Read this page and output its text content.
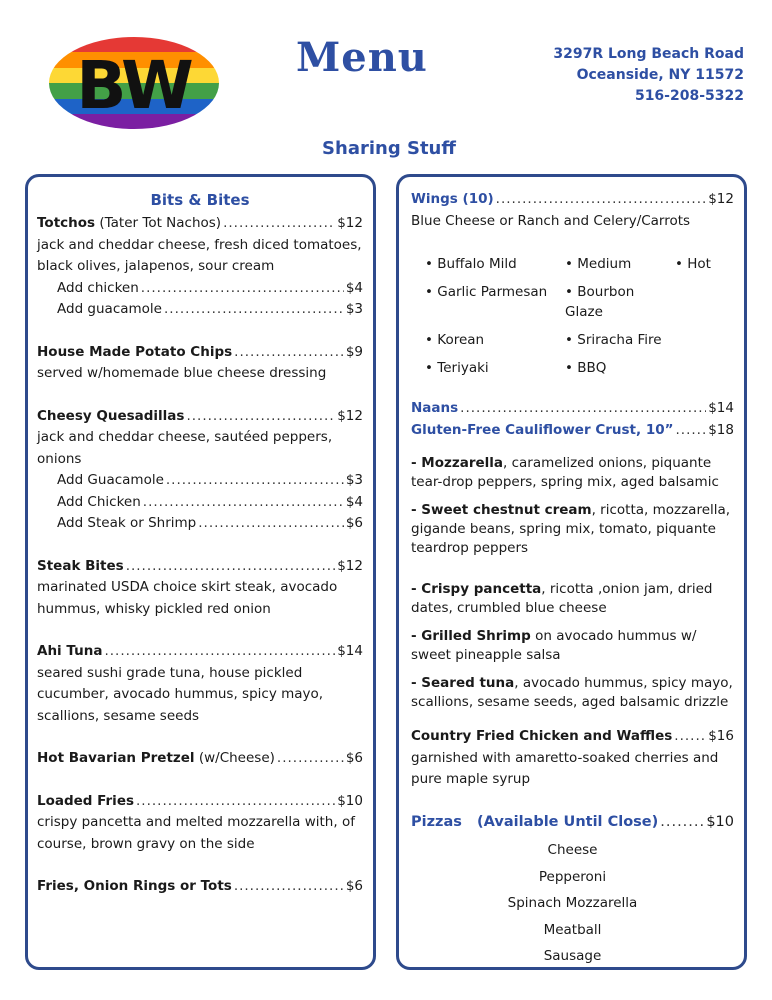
BW	Menu	3297R Long Beach Road
Oceanside, NY 11572
516-208-5322
Sharing Stuff
Bits & Bites
Totchos (Tater Tot Nachos) .....	$12
jack and cheddar cheese, fresh diced tomatoes, black olives, jalapenos, sour cream
Add chicken .....	$4
Add guacamole .....	$3
House Made Potato Chips .....	$9
served w/homemade blue cheese dressing
Cheesy Quesadillas .....	$12
jack and cheddar cheese, sautéed peppers, onions
Add Guacamole .....	$3
Add Chicken .....	$4
Add Steak or Shrimp .....	$6
Steak Bites .....	$12
marinated USDA choice skirt steak, avocado hummus, whisky pickled red onion
Ahi Tuna .....	$14
seared sushi grade tuna, house pickled cucumber, avocado hummus, spicy mayo, scallions, sesame seeds
Hot Bavarian Pretzel (w/Cheese) .....	$6
Loaded Fries .....	$10
crispy pancetta and melted mozzarella with, of course, brown gravy on the side
Fries, Onion Rings or Tots .....	$6
Wings (10) .....	$12
Blue Cheese or Ranch and Celery/Carrots
• Buffalo Mild	• Medium	• Hot
• Garlic Parmesan	• Bourbon Glaze
• Korean	• Sriracha Fire
• Teriyaki	• BBQ
Naans .....	$14
Gluten-Free Cauliflower Crust, 10” .....	$18
- Mozzarella, caramelized onions, piquante tear-drop peppers, spring mix, aged balsamic
- Sweet chestnut cream, ricotta, mozzarella, gigande beans, spring mix, tomato, piquante teardrop peppers
- Crispy pancetta, ricotta ,onion jam, dried dates, crumbled blue cheese
- Grilled Shrimp on avocado hummus w/ sweet pineapple salsa
- Seared tuna, avocado hummus, spicy mayo, scallions, sesame seeds, aged balsamic drizzle
Country Fried Chicken and Waffles .....	$16
garnished with amaretto-soaked cherries and pure maple syrup
Pizzas   (Available Until Close) .....	$10
Cheese
Pepperoni
Spinach Mozzarella
Meatball
Sausage
